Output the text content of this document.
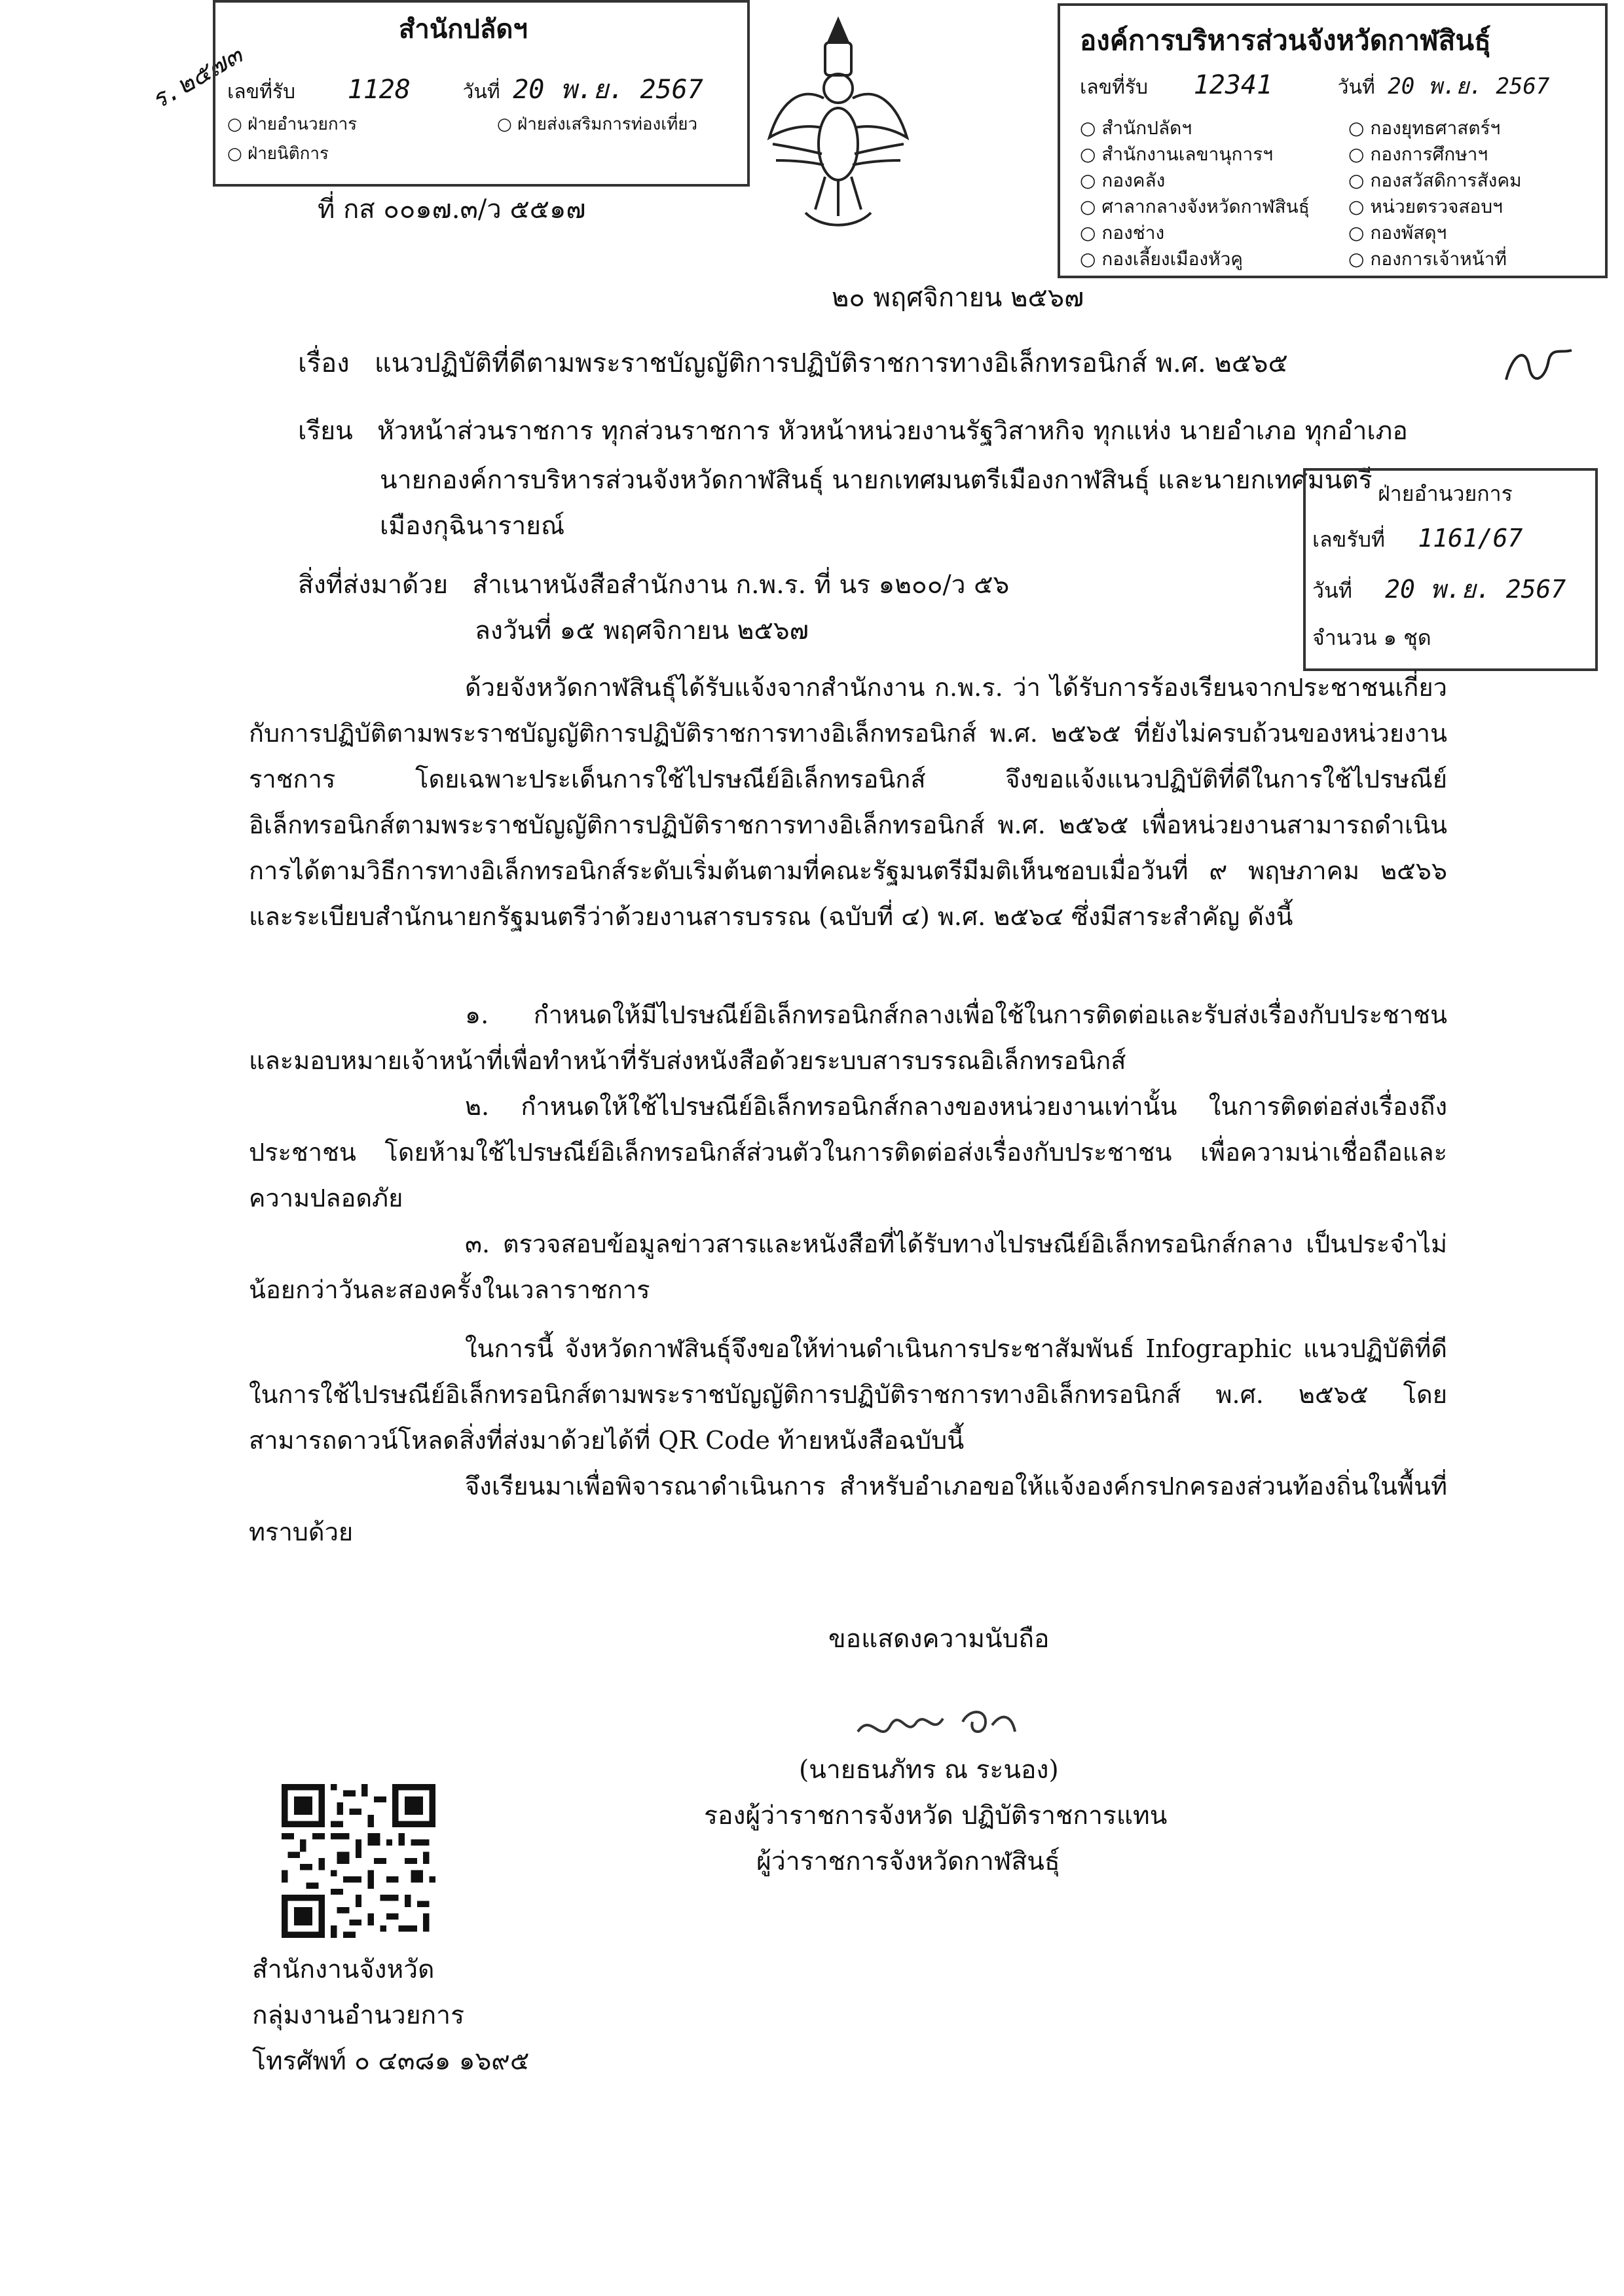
ร.๒๕๗๓
สำนักปลัดฯ
เลขที่รับ 1128	วันที่ 20 พ.ย. 2567
○ ฝ่ายอำนวยการ
○ ฝ่ายนิติการ
○ ฝ่ายส่งเสริมการท่องเที่ยว
องค์การบริหารส่วนจังหวัดกาฬสินธุ์
เลขที่รับ 12341	วันที่ 20 พ.ย. 2567
○ สำนักปลัดฯ
○ สำนักงานเลขานุการฯ
○ กองคลัง
○ ศาลากลางจังหวัดกาฬสินธุ์
○ กองช่าง
○ กองเลี้ยงเมืองหัวคู
○ กองยุทธศาสตร์ฯ
○ กองการศึกษาฯ
○ กองสวัสดิการสังคม
○ หน่วยตรวจสอบฯ
○ กองพัสดุฯ
○ กองการเจ้าหน้าที่
ที่ กส ๐๐๑๗.๓/ว ๕๕๑๗
๒๐ พฤศจิกายน ๒๕๖๗
เรื่อง แนวปฏิบัติที่ดีตามพระราชบัญญัติการปฏิบัติราชการทางอิเล็กทรอนิกส์ พ.ศ. ๒๕๖๕
เรียน หัวหน้าส่วนราชการ ทุกส่วนราชการ หัวหน้าหน่วยงานรัฐวิสาหกิจ ทุกแห่ง นายอำเภอ ทุกอำเภอ
นายกองค์การบริหารส่วนจังหวัดกาฬสินธุ์ นายกเทศมนตรีเมืองกาฬสินธุ์ และนายกเทศมนตรี
เมืองกุฉินารายณ์
ฝ่ายอำนวยการ
เลขรับที่ 1161/67
วันที่ 20 พ.ย. 2567
จำนวน ๑ ชุด
สิ่งที่ส่งมาด้วย สำเนาหนังสือสำนักงาน ก.พ.ร. ที่ นร ๑๒๐๐/ว ๕๖
ลงวันที่ ๑๕ พฤศจิกายน ๒๕๖๗
ด้วยจังหวัดกาฬสินธุ์ได้รับแจ้งจากสำนักงาน ก.พ.ร. ว่า ได้รับการร้องเรียนจากประชาชนเกี่ยวกับการปฏิบัติตามพระราชบัญญัติการปฏิบัติราชการทางอิเล็กทรอนิกส์ พ.ศ. ๒๕๖๕ ที่ยังไม่ครบถ้วนของหน่วยงานราชการ โดยเฉพาะประเด็นการใช้ไปรษณีย์อิเล็กทรอนิกส์ จึงขอแจ้งแนวปฏิบัติที่ดีในการใช้ไปรษณีย์อิเล็กทรอนิกส์ตามพระราชบัญญัติการปฏิบัติราชการทางอิเล็กทรอนิกส์ พ.ศ. ๒๕๖๕ เพื่อหน่วยงานสามารถดำเนินการได้ตามวิธีการทางอิเล็กทรอนิกส์ระดับเริ่มต้นตามที่คณะรัฐมนตรีมีมติเห็นชอบเมื่อวันที่ ๙ พฤษภาคม ๒๕๖๖ และระเบียบสำนักนายกรัฐมนตรีว่าด้วยงานสารบรรณ (ฉบับที่ ๔) พ.ศ. ๒๕๖๔ ซึ่งมีสาระสำคัญ ดังนี้
๑. กำหนดให้มีไปรษณีย์อิเล็กทรอนิกส์กลางเพื่อใช้ในการติดต่อและรับส่งเรื่องกับประชาชนและมอบหมายเจ้าหน้าที่เพื่อทำหน้าที่รับส่งหนังสือด้วยระบบสารบรรณอิเล็กทรอนิกส์
๒. กำหนดให้ใช้ไปรษณีย์อิเล็กทรอนิกส์กลางของหน่วยงานเท่านั้น ในการติดต่อส่งเรื่องถึงประชาชน โดยห้ามใช้ไปรษณีย์อิเล็กทรอนิกส์ส่วนตัวในการติดต่อส่งเรื่องกับประชาชน เพื่อความน่าเชื่อถือและความปลอดภัย
๓. ตรวจสอบข้อมูลข่าวสารและหนังสือที่ได้รับทางไปรษณีย์อิเล็กทรอนิกส์กลาง เป็นประจำไม่น้อยกว่าวันละสองครั้งในเวลาราชการ
ในการนี้ จังหวัดกาฬสินธุ์จึงขอให้ท่านดำเนินการประชาสัมพันธ์ Infographic แนวปฏิบัติที่ดีในการใช้ไปรษณีย์อิเล็กทรอนิกส์ตามพระราชบัญญัติการปฏิบัติราชการทางอิเล็กทรอนิกส์ พ.ศ. ๒๕๖๕ โดยสามารถดาวน์โหลดสิ่งที่ส่งมาด้วยได้ที่ QR Code ท้ายหนังสือฉบับนี้
จึงเรียนมาเพื่อพิจารณาดำเนินการ สำหรับอำเภอขอให้แจ้งองค์กรปกครองส่วนท้องถิ่นในพื้นที่ทราบด้วย
ขอแสดงความนับถือ
(นายธนภัทร ณ ระนอง)
รองผู้ว่าราชการจังหวัด ปฏิบัติราชการแทน
ผู้ว่าราชการจังหวัดกาฬสินธุ์
สำนักงานจังหวัด
กลุ่มงานอำนวยการ
โทรศัพท์ ๐ ๔๓๘๑ ๑๖๙๕
